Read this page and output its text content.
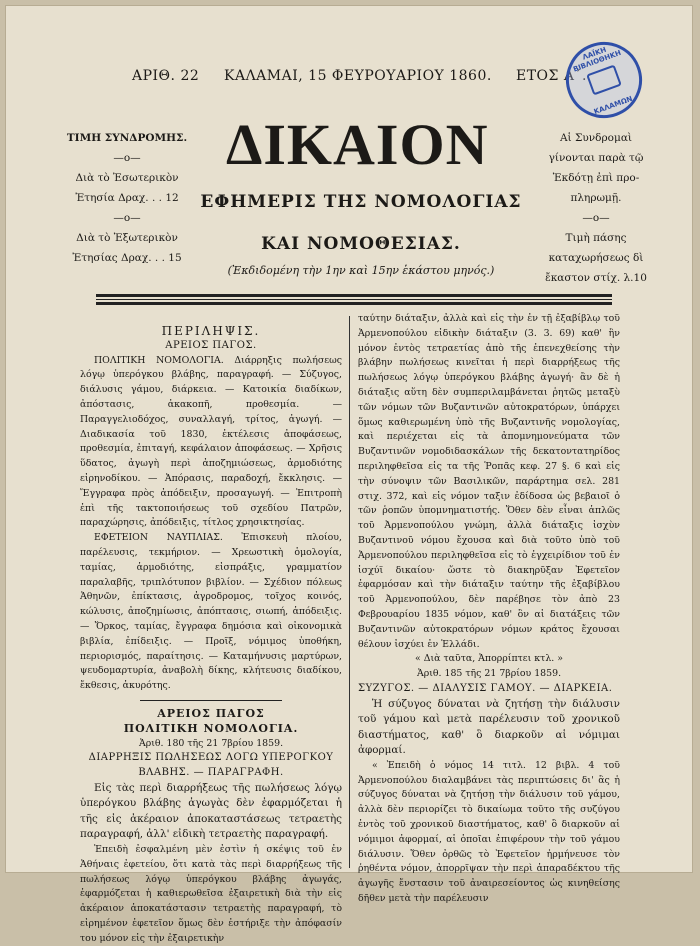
ΑΡΙΘ. 22 ΚΑΛΑΜΑΙ, 15 ΦΕΥΡΟΥΑΡΙΟΥ 1860. ΕΤΟΣ Α΄.
ΛΑΪΚΗ ΒΙΒΛΙΟΘΗΚΗ
ΚΑΛΑΜΩΝ
ΤΙΜΗ ΣΥΝΔΡΟΜΗΣ.
—o—
Διὰ τὸ Ἐσωτερικὸν
Ἐτησία Δραχ. . . 12
—o—
Διὰ τὸ Ἐξωτερικὸν
Ἐτησίας Δραχ. . . 15
Αἱ Συνδρομαὶ
γίνονται παρὰ τῷ
Ἐκδότῃ ἐπὶ προ-
πληρωμῇ.
—o—
Τιμὴ πάσης
καταχωρήσεως δὶ
ἔκαστον στίχ. λ.10
ΔΙΚΑΙΟΝ
ΕΦΗΜΕΡΙΣ ΤΗΣ ΝΟΜΟΛΟΓΙΑΣ
ΚΑΙ ΝΟΜΟΘΕΣΙΑΣ.
(Ἐκδιδομένη τὴν 1ην καὶ 15ην ἑκάστου μηνός.)

ΠΕΡΙΛΗΨΙΣ.

ΑΡΕΙΟΣ ΠΑΓΟΣ.

ΠΟΛΙΤΙΚΗ ΝΟΜΟΛΟΓΙΑ. Διάρρηξις πωλήσεως λόγῳ ὑπερόγκου βλάβης, παραγραφή. — Σύζυγος, διάλυσις γάμου, διάρκεια. — Κατοικία διαδίκων, ἀπόστασις, ἀκακοπῆ, προθεσμία. — Παραγγελιοδόχος, συναλλαγή, τρίτος, ἀγωγή. — Διαδικασία τοῦ 1830, ἐκτέλεσις ἀποφάσεως, προθεσμία, ἐπιταγή, κεφάλαιον ἀποφάσεως. — Χρῆσις ὕδατος, ἀγωγὴ περὶ ἀποζημιώσεως, ἁρμοδιότης εἰρηνοδίκου. — Ἀπόρασις, παραδοχή, ἔκκλησις. — Ἔγγραφα πρὸς ἀπόδειξιν, προσαγωγή. — Ἐπιτροπὴ ἐπὶ τῆς τακτοποιήσεως τοῦ σχεδίου Πατρῶν, παραχώρησις, ἀπόδειξις, τίτλος χρησικτησίας.

ΕΦΕΤΕΙΟΝ ΝΑΥΠΛΙΑΣ. Ἐπισκευὴ πλοίου, παρέλευσις, τεκμήριον. — Χρεωστικὴ ὁμολογία, ταμίας, ἁρμοδιότης, εἰσπράξις, γραμματίον παραλαβῆς, τριπλότυπον βιβλίον. — Σχέδιον πόλεως Ἀθηνῶν, ἐπίκτασις, ἀγροδρομος, τοῖχος κοινός, κώλυσις, ἀποζημίωσις, ἀπόπτασις, σιωπή, ἀπόδειξις. — Ὅρκος, ταμίας, ἔγγραφα δημόσια καὶ οἰκονομικὰ βιβλία, ἐπίδειξις. — Προῖξ, νόμιμος ὑποθήκη, περιορισμός, παραίτησις. — Καταμήνυσις μαρτύρων, ψευδομαρτυρία, ἀναβολὴ δίκης, κλήτευσις διαδίκου, ἔκθεσις, ἀκυρότης.

ΑΡΕΙΟΣ ΠΑΓΟΣ

ΠΟΛΙΤΙΚΗ ΝΟΜΟΛΟΓΙΑ.

Ἀριθ. 180 τῆς 21 7βρίου 1859.

ΔΙΑΡΡΗΞΙΣ ΠΩΛΗΣΕΩΣ ΛΟΓΩ ΥΠΕΡΟΓΚΟΥ

ΒΛΑΒΗΣ. — ΠΑΡΑΓΡΑΦΗ.

Εἰς τὰς περὶ διαρρήξεως τῆς πωλήσεως λόγῳ ὑπερόγκου βλάβης ἀγωγὰς δὲν ἐφαρμόζεται ἡ τῆς εἰς ἀκέραιον ἀποκαταστάσεως τετραετὴς παραγραφή, ἀλλ' εἰδικὴ τετραετὴς παραγραφή.

Ἐπειδὴ ἐσφαλμένη μὲν ἐστὶν ἡ σκέψις τοῦ ἐν Ἀθήναις ἐφετείου, ὅτι κατὰ τὰς περὶ διαρρήξεως τῆς πωλήσεως λόγῳ ὑπερόγκου βλάβης ἀγωγάς, ἐφαρμόζεται ἡ καθιερωθεῖσα ἐξαιρετικὴ διὰ τὴν εἰς ἀκέραιον ἀποκατάστασιν τετραετὴς παραγραφή, τὸ εἰρημένον ἐφετεῖον ὅμως δὲν ἐστήριξε τὴν ἀπόφασίν του μόνον εἰς τὴν ἐξαιρετικὴν

ταύτην διάταξιν, ἀλλὰ καὶ εἰς τὴν ἐν τῇ ἐξαβίβλῳ τοῦ Ἀρμενοπούλου εἰδικὴν διάταξιν (3. 3. 69) καθ' ἣν μόνον ἐντὸς τετραετίας ἀπὸ τῆς ἐπενεχθείσης τὴν βλάβην πωλήσεως κινεῖται ἡ περὶ διαρρήξεως τῆς πωλήσεως λόγῳ ὑπερόγκου βλάβης ἀγωγή· ἂν δὲ ἡ διάταξις αὕτη δὲν συμπεριλαμβάνεται ῥητῶς μεταξὺ τῶν νόμων τῶν Βυζαντινῶν αὐτοκρατόρων, ὑπάρχει ὅμως καθιερωμένη ὑπὸ τῆς Βυζαντινῆς νομολογίας, καὶ περιέχεται εἰς τὰ ἀπομνημονεύματα τῶν Βυζαντινῶν νομοδιδασκάλων τῆς δεκατοντατηρίδος περιληφθεῖσα εἰς τα τῆς Ῥοπᾶς κεφ. 27 §. 6 καὶ εἰς τὴν σύνοψιν τῶν Βασιλικῶν, παράρτημα σελ. 281 στιχ. 372, καὶ εἰς νόμον ταξιν ἐδίδοσα ὡς βεβαιοῖ ὁ τῶν ῥοπῶν ὑπομνηματιστής. Ὅθεν δὲν εἶναι ἁπλῶς τοῦ Ἀρμενοπούλου γνώμη, ἀλλὰ διάταξις ἰσχὺν Βυζαντινοῦ νόμου ἔχουσα καὶ διὰ τοῦτο ὑπὸ τοῦ Ἀρμενοπούλου περιληφθεῖσα εἰς τὸ ἐγχειρίδιον τοῦ ἐν ἰσχύϊ δικαίου· ὥστε τὸ διακηρῦξαν Ἐφετεῖον ἐφαρμόσαν καὶ τὴν διάταξιν ταύτην τῆς ἐξαβίβλου τοῦ Ἀρμενοπούλου, δὲν παρέβησε τὸν ἀπὸ 23 Φεβρουαρίου 1835 νόμον, καθ' ὃν αἱ διατάξεις τῶν Βυζαντινῶν αὐτοκρατόρων νόμων κράτος ἔχουσαι θέλουν ἰσχύει ἐν Ἑλλάδι.

« Διὰ ταῦτα, Ἀπορρίπτει κτλ. »

Ἀριθ. 185 τῆς 21 7βρίου 1859.

ΣΥΖΥΓΟΣ. — ΔΙΑΛΥΣΙΣ ΓΑΜΟΥ. — ΔΙΑΡΚΕΙΑ.

Ἡ σύζυγος δύναται νὰ ζητήσῃ τὴν διάλυσιν τοῦ γάμου καὶ μετὰ παρέλευσιν τοῦ χρονικοῦ διαστήματος, καθ' ὃ διαρκοῦν αἱ νόμιμαι ἀφορμαί.

« Ἐπειδὴ ὁ νόμος 14 τιτλ. 12 βιβλ. 4 τοῦ Ἀρμενοπούλου διαλαμβάνει τὰς περιπτώσεις δι' ἃς ἡ σύζυγος δύναται νὰ ζητήσῃ τὴν διάλυσιν τοῦ γάμου, ἀλλὰ δὲν περιορίζει τὸ δικαίωμα τοῦτο τῆς συζύγου ἐντὸς τοῦ χρονικοῦ διαστήματος, καθ' ὃ διαρκοῦν αἱ νόμιμοι ἀφορμαί, αἱ ὁποῖαι ἐπιφέρουν τὴν τοῦ γάμου διάλυσιν. Ὅθεν ὀρθῶς τὸ Ἐφετεῖον ἠρμήνευσε τὸν ῥηθέντα νόμον, ἀπορρῖψαν τὴν περὶ ἀπαραδέκτου τῆς ἀγωγῆς ἔνστασιν τοῦ ἀναιρεσείοντος ὡς κινηθείσης δῆθεν μετὰ τὴν παρέλευσιν
